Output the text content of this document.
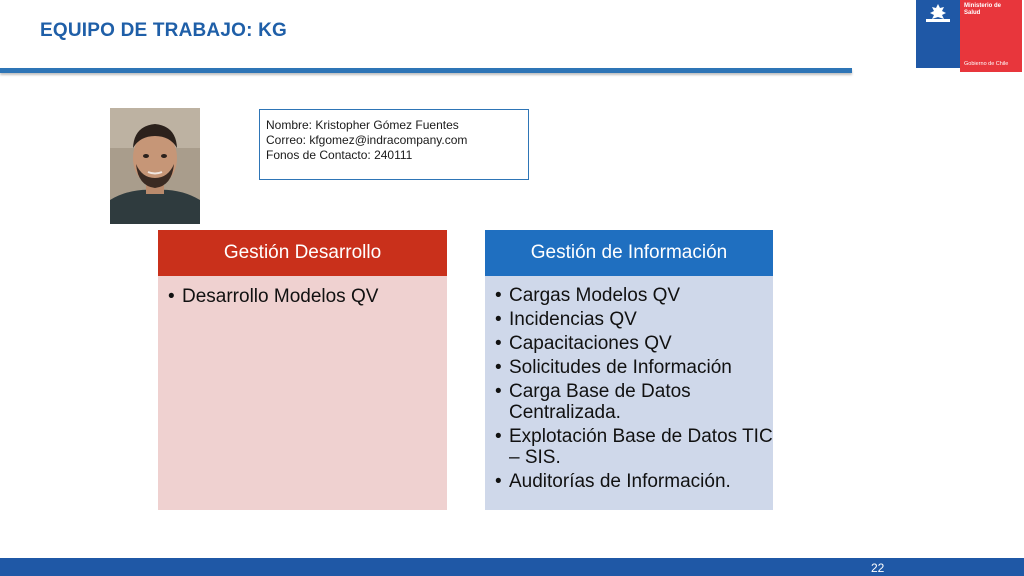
EQUIPO DE TRABAJO: KG
Ministerio de
Salud
Gobierno de Chile
Nombre: Kristopher Gómez Fuentes
Correo: kfgomez@indracompany.com
Fonos de Contacto: 240111
Gestión Desarrollo
• Desarrollo Modelos QV
Gestión de Información
• Cargas Modelos QV
• Incidencias QV
• Capacitaciones QV
• Solicitudes de Información
• Carga Base de Datos Centralizada.
• Explotación Base de Datos TIC – SIS.
• Auditorías de Información.
22
